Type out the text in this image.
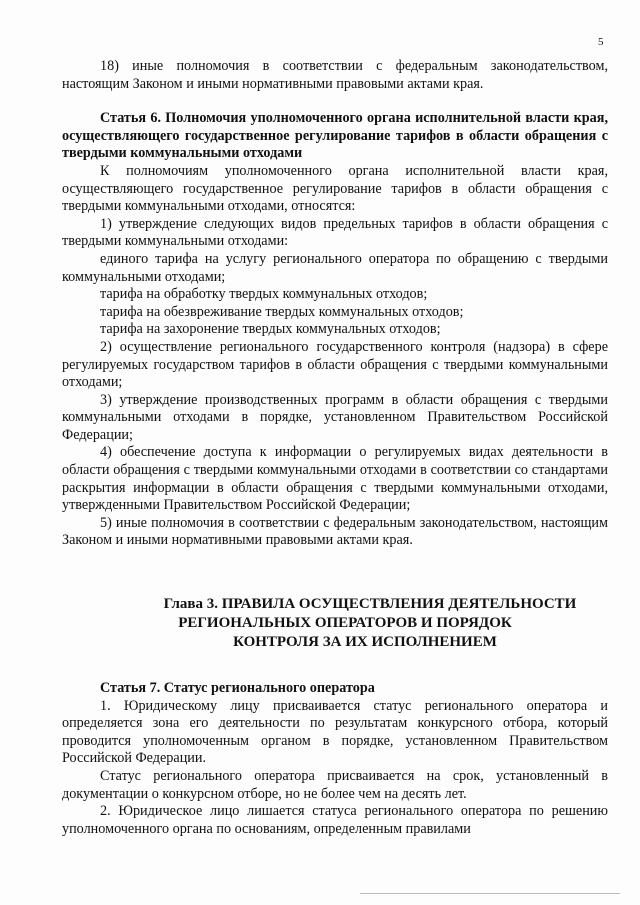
5

18) иные полномочия в соответствии с федеральным законодательством, настоящим Законом и иными нормативными правовыми актами края.

Статья 6. Полномочия уполномоченного органа исполнительной власти края, осуществляющего государственное регулирование тарифов в области обращения с твердыми коммунальными отходами

К полномочиям уполномоченного органа исполнительной власти края, осуществляющего государственное регулирование тарифов в области обращения с твердыми коммунальными отходами, относятся:

1) утверждение следующих видов предельных тарифов в области обращения с твердыми коммунальными отходами:

единого тарифа на услугу регионального оператора по обращению с твердыми коммунальными отходами;

тарифа на обработку твердых коммунальных отходов;

тарифа на обезвреживание твердых коммунальных отходов;

тарифа на захоронение твердых коммунальных отходов;

2) осуществление регионального государственного контроля (надзора) в сфере регулируемых государством тарифов в области обращения с твердыми коммунальными отходами;

3) утверждение производственных программ в области обращения с твердыми коммунальными отходами в порядке, установленном Правительством Российской Федерации;

4) обеспечение доступа к информации о регулируемых видах деятельности в области обращения с твердыми коммунальными отходами в соответствии со стандартами раскрытия информации в области обращения с твердыми коммунальными отходами, утвержденными Правительством Российской Федерации;

5) иные полномочия в соответствии с федеральным законодательством, настоящим Законом и иными нормативными правовыми актами края.

Глава 3. ПРАВИЛА ОСУЩЕСТВЛЕНИЯ ДЕЯТЕЛЬНОСТИ

РЕГИОНАЛЬНЫХ ОПЕРАТОРОВ И ПОРЯДОК

КОНТРОЛЯ ЗА ИХ ИСПОЛНЕНИЕМ

Статья 7. Статус регионального оператора

1. Юридическому лицу присваивается статус регионального оператора и определяется зона его деятельности по результатам конкурсного отбора, который проводится уполномоченным органом в порядке, установленном Правительством Российской Федерации.

Статус регионального оператора присваивается на срок, установленный в документации о конкурсном отборе, но не более чем на десять лет.

2. Юридическое лицо лишается статуса регионального оператора по решению уполномоченного органа по основаниям, определенным правилами
